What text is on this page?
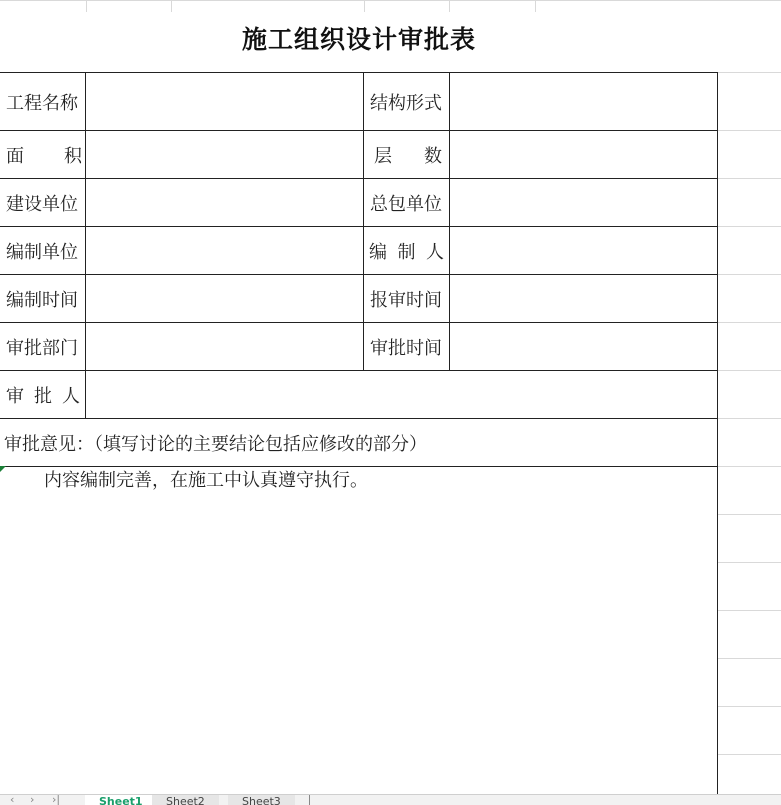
施工组织设计审批表
工程名称	结构形式
面 积	层 数
建设单位	总包单位
编制单位	编 制 人
编制时间	报审时间
审批部门	审批时间
审 批 人
审批意见：（填写讨论的主要结论包括应修改的部分）
内容编制完善，在施工中认真遵守执行。
‹ › ›|	Sheet1	Sheet2	Sheet3
